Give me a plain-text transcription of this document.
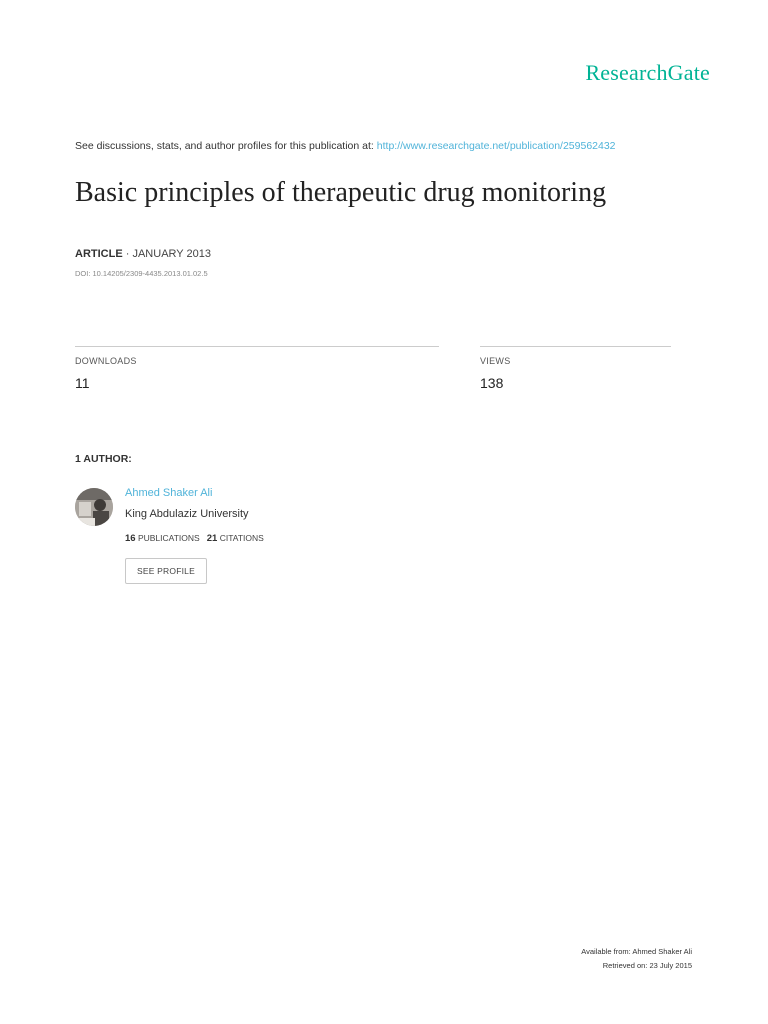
ResearchGate
See discussions, stats, and author profiles for this publication at: http://www.researchgate.net/publication/259562432
Basic principles of therapeutic drug monitoring
ARTICLE · JANUARY 2013
DOI: 10.14205/2309-4435.2013.01.02.5
DOWNLOADS
11
VIEWS
138
1 AUTHOR:
Ahmed Shaker Ali
King Abdulaziz University
16 PUBLICATIONS 21 CITATIONS
SEE PROFILE
Available from: Ahmed Shaker Ali
Retrieved on: 23 July 2015
